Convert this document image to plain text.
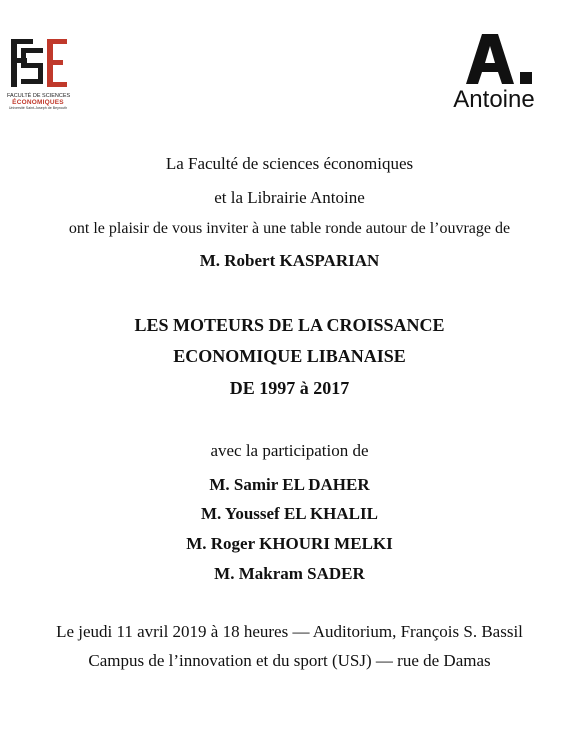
FACULTÉ DE SCIENCES
ÉCONOMIQUES
Université Saint-Joseph de Beyrouth	Antoine
La Faculté de sciences économiques
et la Librairie Antoine
ont le plaisir de vous inviter à une table ronde autour de l’ouvrage de
M. Robert KASPARIAN
LES MOTEURS DE LA CROISSANCE
ECONOMIQUE LIBANAISE
DE 1997 à 2017
avec la participation de
M. Samir EL DAHER
M. Youssef EL KHALIL
M. Roger KHOURI MELKI
M. Makram SADER
Le jeudi 11 avril 2019 à 18 heures — Auditorium, François S. Bassil
Campus de l’innovation et du sport (USJ) — rue de Damas
